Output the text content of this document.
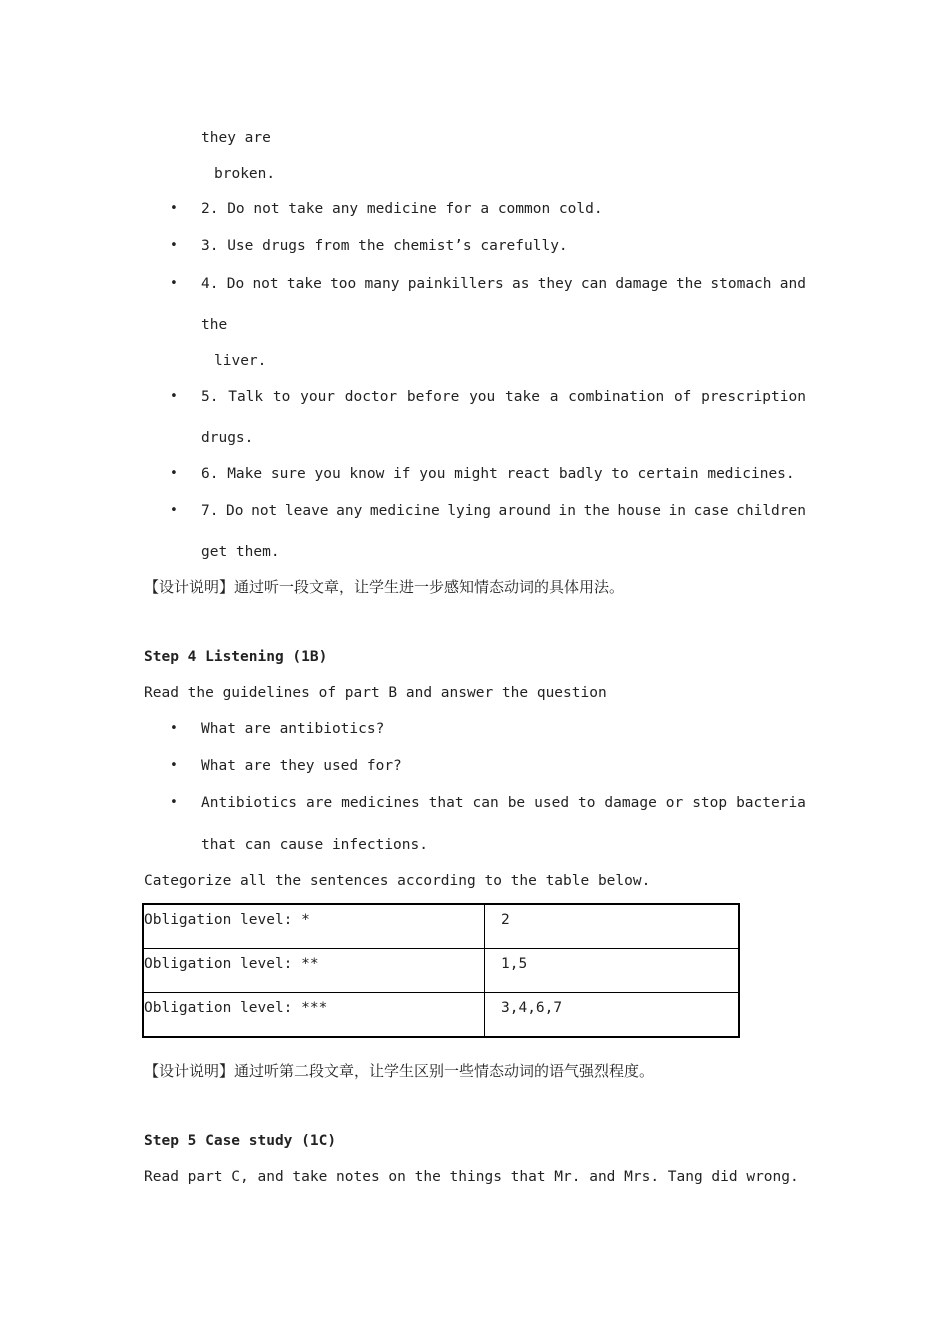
they are
broken.
• 2. Do not take any medicine for a common cold.
• 3. Use drugs from the chemist’s carefully.
• 4. Do not take too many painkillers as they can damage the stomach and
the
liver.
• 5. Talk to your doctor before you take a combination of prescription
drugs.
• 6. Make sure you know if you might react badly to certain medicines.
• 7. Do not leave any medicine lying around in the house in case children
get them.
【设计说明】通过听一段文章，让学生进一步感知情态动词的具体用法。
Step 4 Listening (1B)
Read the guidelines of part B and answer the question
• What are antibiotics?
• What are they used for?
• Antibiotics are medicines that can be used to damage or stop bacteria
that can cause infections.
Categorize all the sentences according to the table below.
Obligation level: *	2
Obligation level: **	1,5
Obligation level: ***	3,4,6,7
【设计说明】通过听第二段文章，让学生区别一些情态动词的语气强烈程度。
Step 5 Case study (1C)
Read part C, and take notes on the things that Mr. and Mrs. Tang did wrong.
